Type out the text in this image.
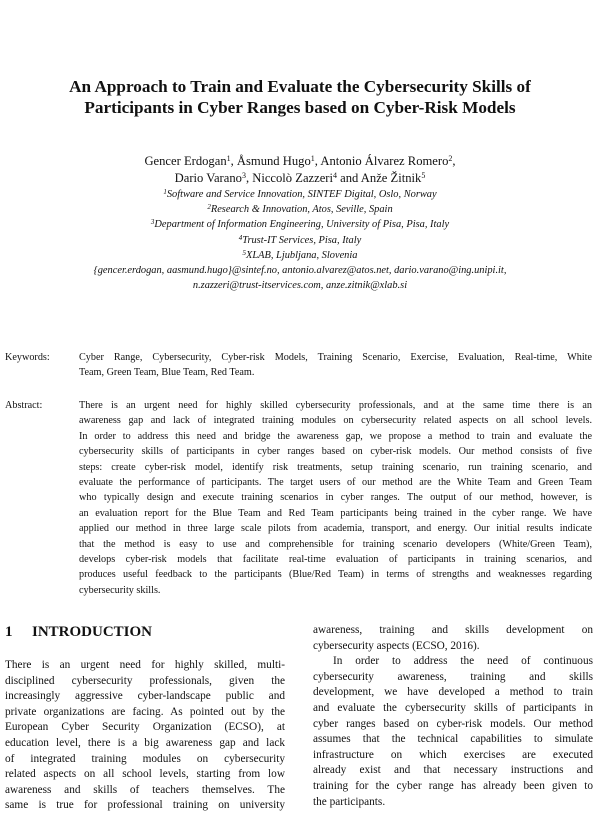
An Approach to Train and Evaluate the Cybersecurity Skills of
Participants in Cyber Ranges based on Cyber-Risk Models
Gencer Erdogan$^1$, Åsmund Hugo$^1$, Antonio Álvarez Romero$^2$,
Dario Varano$^3$, Niccolò Zazzeri$^4$ and Anže Žitnik$^5$
$^1$Software and Service Innovation, SINTEF Digital, Oslo, Norway
$^2$Research & Innovation, Atos, Seville, Spain
$^3$Department of Information Engineering, University of Pisa, Pisa, Italy
$^4$Trust-IT Services, Pisa, Italy
$^5$XLAB, Ljubljana, Slovenia
{gencer.erdogan, aasmund.hugo}@sintef.no, antonio.alvarez@atos.net, dario.varano@ing.unipi.it,
n.zazzeri@trust-itservices.com, anze.zitnik@xlab.si
Keywords:	Cyber Range, Cybersecurity, Cyber-risk Models, Training Scenario, Exercise, Evaluation, Real-time, White
Team, Green Team, Blue Team, Red Team.
Abstract:	There is an urgent need for highly skilled cybersecurity professionals, and at the same time there is an
awareness gap and lack of integrated training modules on cybersecurity related aspects on all school levels.
In order to address this need and bridge the awareness gap, we propose a method to train and evaluate the
cybersecurity skills of participants in cyber ranges based on cyber-risk models. Our method consists of five
steps: create cyber-risk model, identify risk treatments, setup training scenario, run training scenario, and
evaluate the performance of participants. The target users of our method are the White Team and Green Team
who typically design and execute training scenarios in cyber ranges. The output of our method, however, is
an evaluation report for the Blue Team and Red Team participants being trained in the cyber range. We have
applied our method in three large scale pilots from academia, transport, and energy. Our initial results indicate
that the method is easy to use and comprehensible for training scenario developers (White/Green Team),
develops cyber-risk models that facilitate real-time evaluation of participants in training scenarios, and
produces useful feedback to the participants (Blue/Red Team) in terms of strengths and weaknesses regarding
cybersecurity skills.
1 INTRODUCTION
There is an urgent need for highly skilled, multi-
disciplined cybersecurity professionals, given the
increasingly aggressive cyber-landscape public and
private organizations are facing. As pointed out by the
European Cyber Security Organization (ECSO), at
education level, there is a big awareness gap and lack
of integrated training modules on cybersecurity
related aspects on all school levels, starting from low
awareness and skills of teachers themselves. The
same is true for professional training on university
awareness, training and skills development on
cybersecurity aspects (ECSO, 2016).
In order to address the need of continuous
cybersecurity awareness, training and skills
development, we have developed a method to train
and evaluate the cybersecurity skills of participants in
cyber ranges based on cyber-risk models. Our method
assumes that the technical capabilities to simulate
infrastructure on which exercises are executed
already exist and that necessary instructions and
training for the cyber range has already been given to
the participants.
